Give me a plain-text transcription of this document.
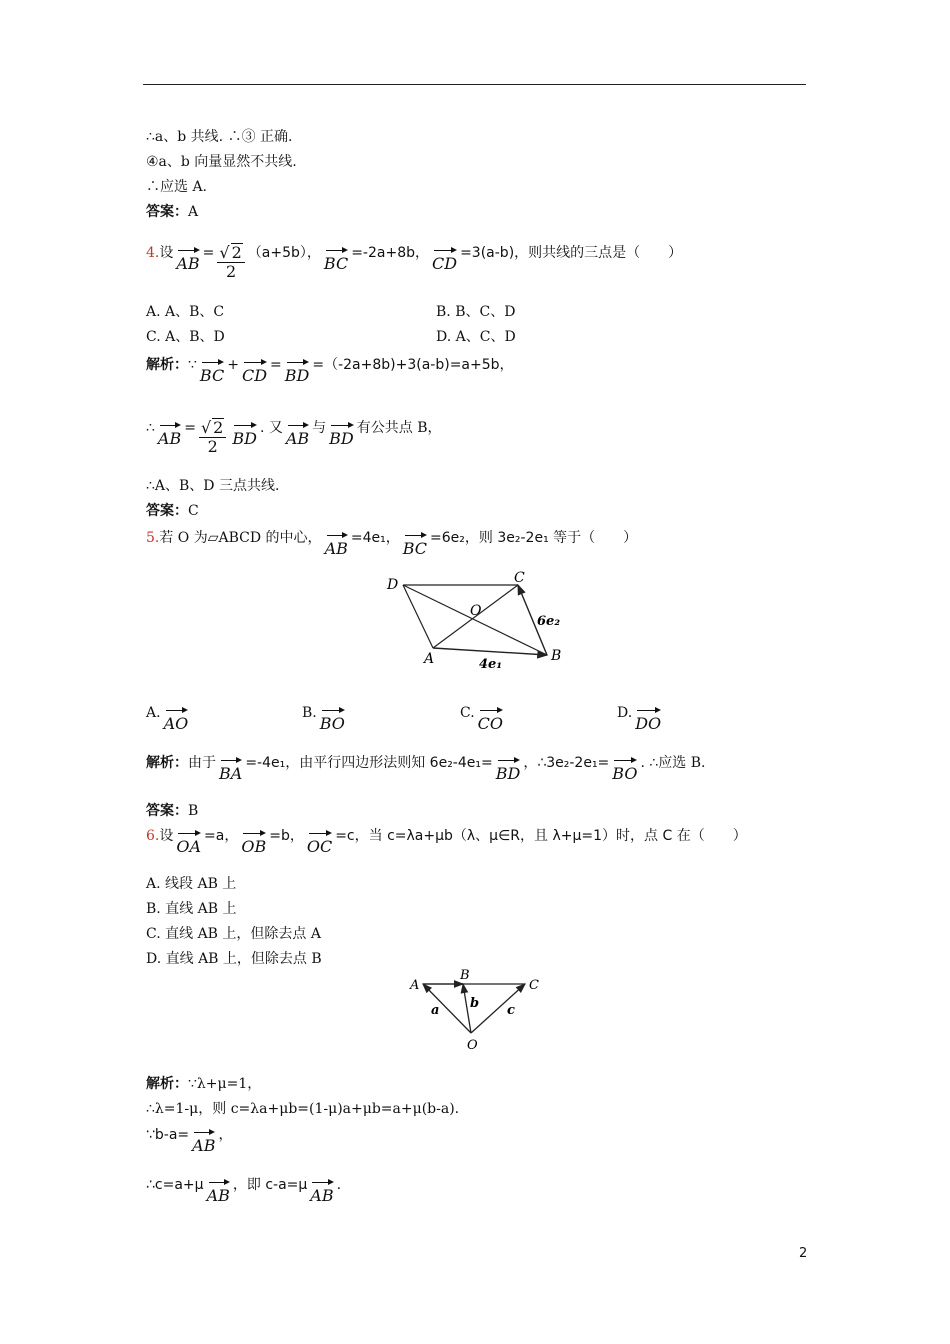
∴a、b 共线. ∴③ 正确.
④a、b 向量显然不共线.
∴应选 A.
答案：A
4.设$AB= \frac{√ 2}{2} (a+5b)$，BC=-2a+8b，CD=3(a-b)，则共线的三点是（　　）
A. A、B、C	B. B、C、D
C. A、B、D	D. A、C、D
解析：∵BC+CD=BD=（-2a+8b)+3(a-b)=a+5b，
∴AB= $\frac{√ 2}{2}$ BD. 又AB与BD有公共点 B，
∴A、B、D 三点共线.
答案：C
5.若 O 为▱ABCD 的中心，AB=4e₁，BC=6e₂，则 3e₂-2e₁ 等于（　　）
D	C
O
A	B
6e₂
4e₁
A.AO
B.BO
C.CO
D.DO
解析：由于BA=-4e₁，由平行四边形法则知 6e₂-4e₁=BD，∴3e₂-2e₁=BO. ∴应选 B.
答案：B
6.设OA=a，OB=b，OC=c，当 c=λa+μb（λ、μ∈R，且 λ+μ=1）时，点 C 在（　　）
A. 线段 AB 上
B. 直线 AB 上
C. 直线 AB 上，但除去点 A
D. 直线 AB 上，但除去点 B
A
B
C
O
a b c
解析：∵λ+μ=1，
∴λ=1-μ，则 c=λa+μb=(1-μ)a+μb=a+μ(b-a).
∵b-a=AB，
∴c=a+μAB，即 c-a=μAB.
2
